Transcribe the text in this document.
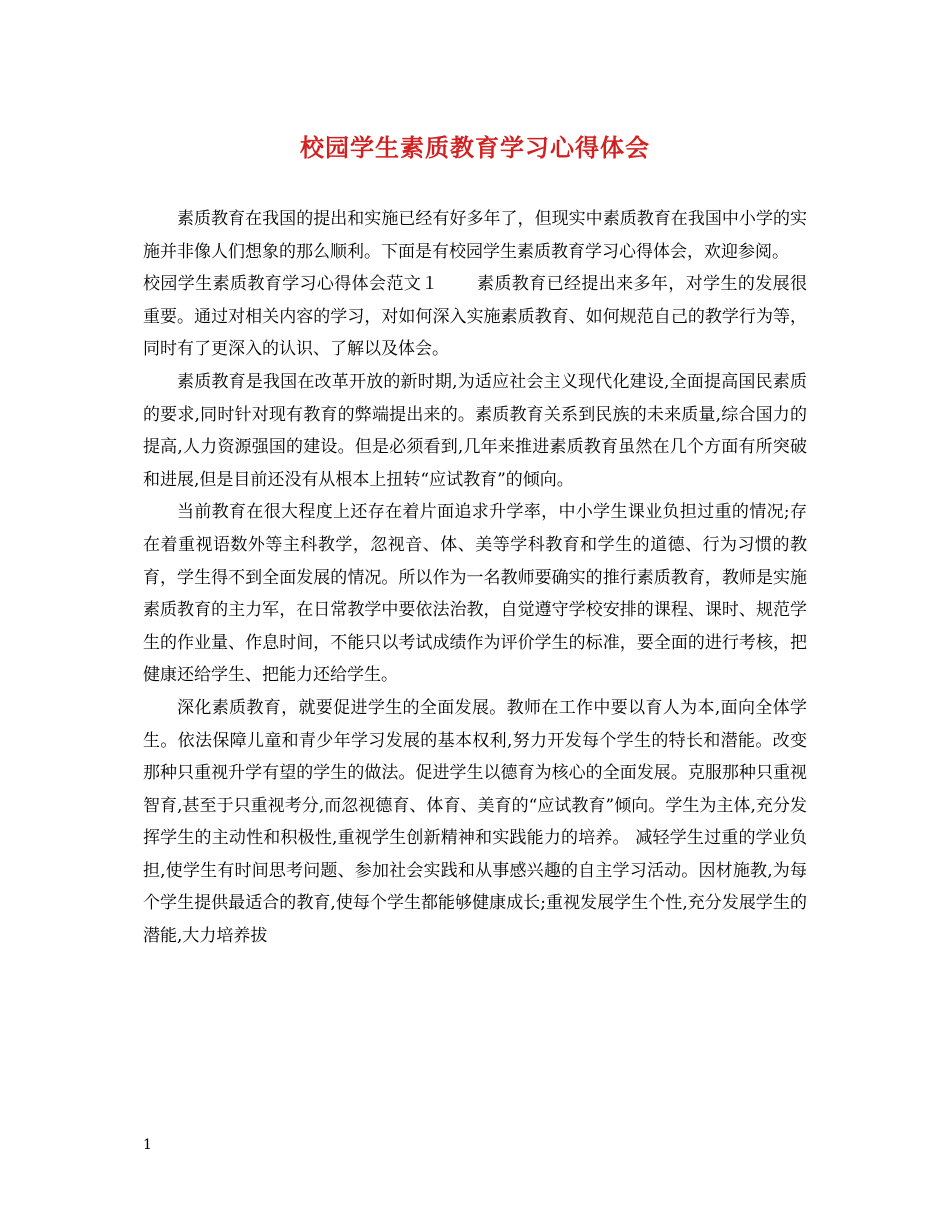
校园学生素质教育学习心得体会

素质教育在我国的提出和实施已经有好多年了，但现实中素质教育在我国中小学的实施并非像人们想象的那么顺利。下面是有校园学生素质教育学习心得体会，欢迎参阅。

校园学生素质教育学习心得体会范文１ 素质教育已经提出来多年，对学生的发展很重要。通过对相关内容的学习，对如何深入实施素质教育、如何规范自己的教学行为等，同时有了更深入的认识、了解以及体会。

素质教育是我国在改革开放的新时期,为适应社会主义现代化建设,全面提高国民素质的要求,同时针对现有教育的弊端提出来的。素质教育关系到民族的未来质量,综合国力的提高,人力资源强国的建设。但是必须看到,几年来推进素质教育虽然在几个方面有所突破和进展,但是目前还没有从根本上扭转“应试教育”的倾向。

当前教育在很大程度上还存在着片面追求升学率，中小学生课业负担过重的情况;存在着重视语数外等主科教学，忽视音、体、美等学科教育和学生的道德、行为习惯的教育，学生得不到全面发展的情况。所以作为一名教师要确实的推行素质教育，教师是实施素质教育的主力军，在日常教学中要依法治教，自觉遵守学校安排的课程、课时、规范学生的作业量、作息时间，不能只以考试成绩作为评价学生的标准，要全面的进行考核，把健康还给学生、把能力还给学生。

深化素质教育，就要促进学生的全面发展。教师在工作中要以育人为本,面向全体学生。依法保障儿童和青少年学习发展的基本权利,努力开发每个学生的特长和潜能。改变那种只重视升学有望的学生的做法。促进学生以德育为核心的全面发展。克服那种只重视智育,甚至于只重视考分,而忽视德育、体育、美育的“应试教育”倾向。学生为主体,充分发挥学生的主动性和积极性,重视学生创新精神和实践能力的培养。 减轻学生过重的学业负担,使学生有时间思考问题、参加社会实践和从事感兴趣的自主学习活动。因材施教,为每个学生提供最适合的教育,使每个学生都能够健康成长;重视发展学生个性,充分发展学生的潜能,大力培养拔

1
